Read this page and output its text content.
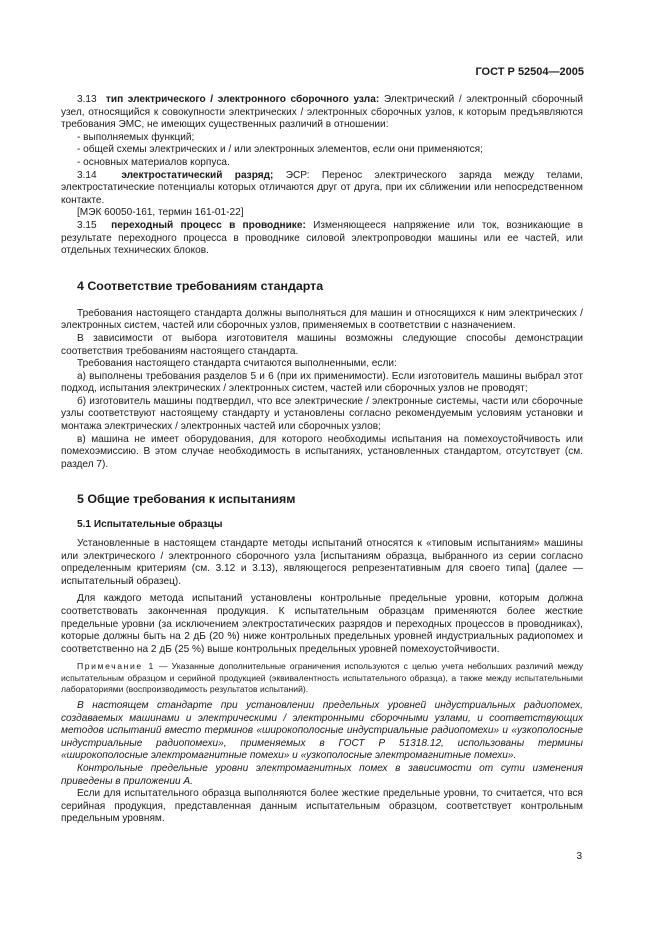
ГОСТ Р 52504—2005

3.13 тип электрического / электронного сборочного узла: Электрический / электронный сборочный узел, относящийся к совокупности электрических / электронных сборочных узлов, к которым предъявляются требования ЭМС, не имеющих существенных различий в отношении:

- выполняемых функций;

- общей схемы электрических и / или электронных элементов, если они применяются;

- основных материалов корпуса.

3.14 электростатический разряд; ЭСР: Перенос электрического заряда между телами, электростатические потенциалы которых отличаются друг от друга, при их сближении или непосредственном контакте.

[МЭК 60050-161, термин 161-01-22]

3.15 переходный процесс в проводнике: Изменяющееся напряжение или ток, возникающие в результате переходного процесса в проводнике силовой электропроводки машины или ее частей, или отдельных технических блоков.

4 Соответствие требованиям стандарта

Требования настоящего стандарта должны выполняться для машин и относящихся к ним электрических / электронных систем, частей или сборочных узлов, применяемых в соответствии с назначением.

В зависимости от выбора изготовителя машины возможны следующие способы демонстрации соответствия требованиям настоящего стандарта.

Требования настоящего стандарта считаются выполненными, если:

а) выполнены требования разделов 5 и 6 (при их применимости). Если изготовитель машины выбрал этот подход, испытания электрических / электронных систем, частей или сборочных узлов не проводят;

б) изготовитель машины подтвердил, что все электрические / электронные системы, части или сборочные узлы соответствуют настоящему стандарту и установлены согласно рекомендуемым условиям установки и монтажа электрических / электронных частей или сборочных узлов;

в) машина не имеет оборудования, для которого необходимы испытания на помехоустойчивость или помехоэмиссию. В этом случае необходимость в испытаниях, установленных стандартом, отсутствует (см. раздел 7).

5 Общие требования к испытаниям
5.1 Испытательные образцы

Установленные в настоящем стандарте методы испытаний относятся к «типовым испытаниям» машины или электрического / электронного сборочного узла [испытаниям образца, выбранного из серии согласно определенным критериям (см. 3.12 и 3.13), являющегося репрезентативным для своего типа] (далее — испытательный образец).

Для каждого метода испытаний установлены контрольные предельные уровни, которым должна соответствовать законченная продукция. К испытательным образцам применяются более жесткие предельные уровни (за исключением электростатических разрядов и переходных процессов в проводниках), которые должны быть на 2 дБ (20 %) ниже контрольных предельных уровней индустриальных радиопомех и соответственно на 2 дБ (25 %) выше контрольных предельных уровней помехоустойчивости.

Примечание 1 — Указанные дополнительные ограничения используются с целью учета небольших различий между испытательным образцом и серийной продукцией (эквивалентность испытательного образца), а также между испытательными лабораториями (воспроизводимость результатов испытаний).

В настоящем стандарте при установлении предельных уровней индустриальных радиопомех, создаваемых машинами и электрическими / электронными сборочными узлами, и соответствующих методов испытаний вместо терминов «широкополосные индустриальные радиопомехи» и «узкополосные индустриальные радиопомехи», применяемых в ГОСТ Р 51318.12, использованы термины «широкополосные электромагнитные помехи» и «узкополосные электромагнитные помехи».

Контрольные предельные уровни электромагнитных помех в зависимости от сути изменения приведены в приложении А.

Если для испытательного образца выполняются более жесткие предельные уровни, то считается, что вся серийная продукция, представленная данным испытательным образцом, соответствует контрольным предельным уровням.

3
